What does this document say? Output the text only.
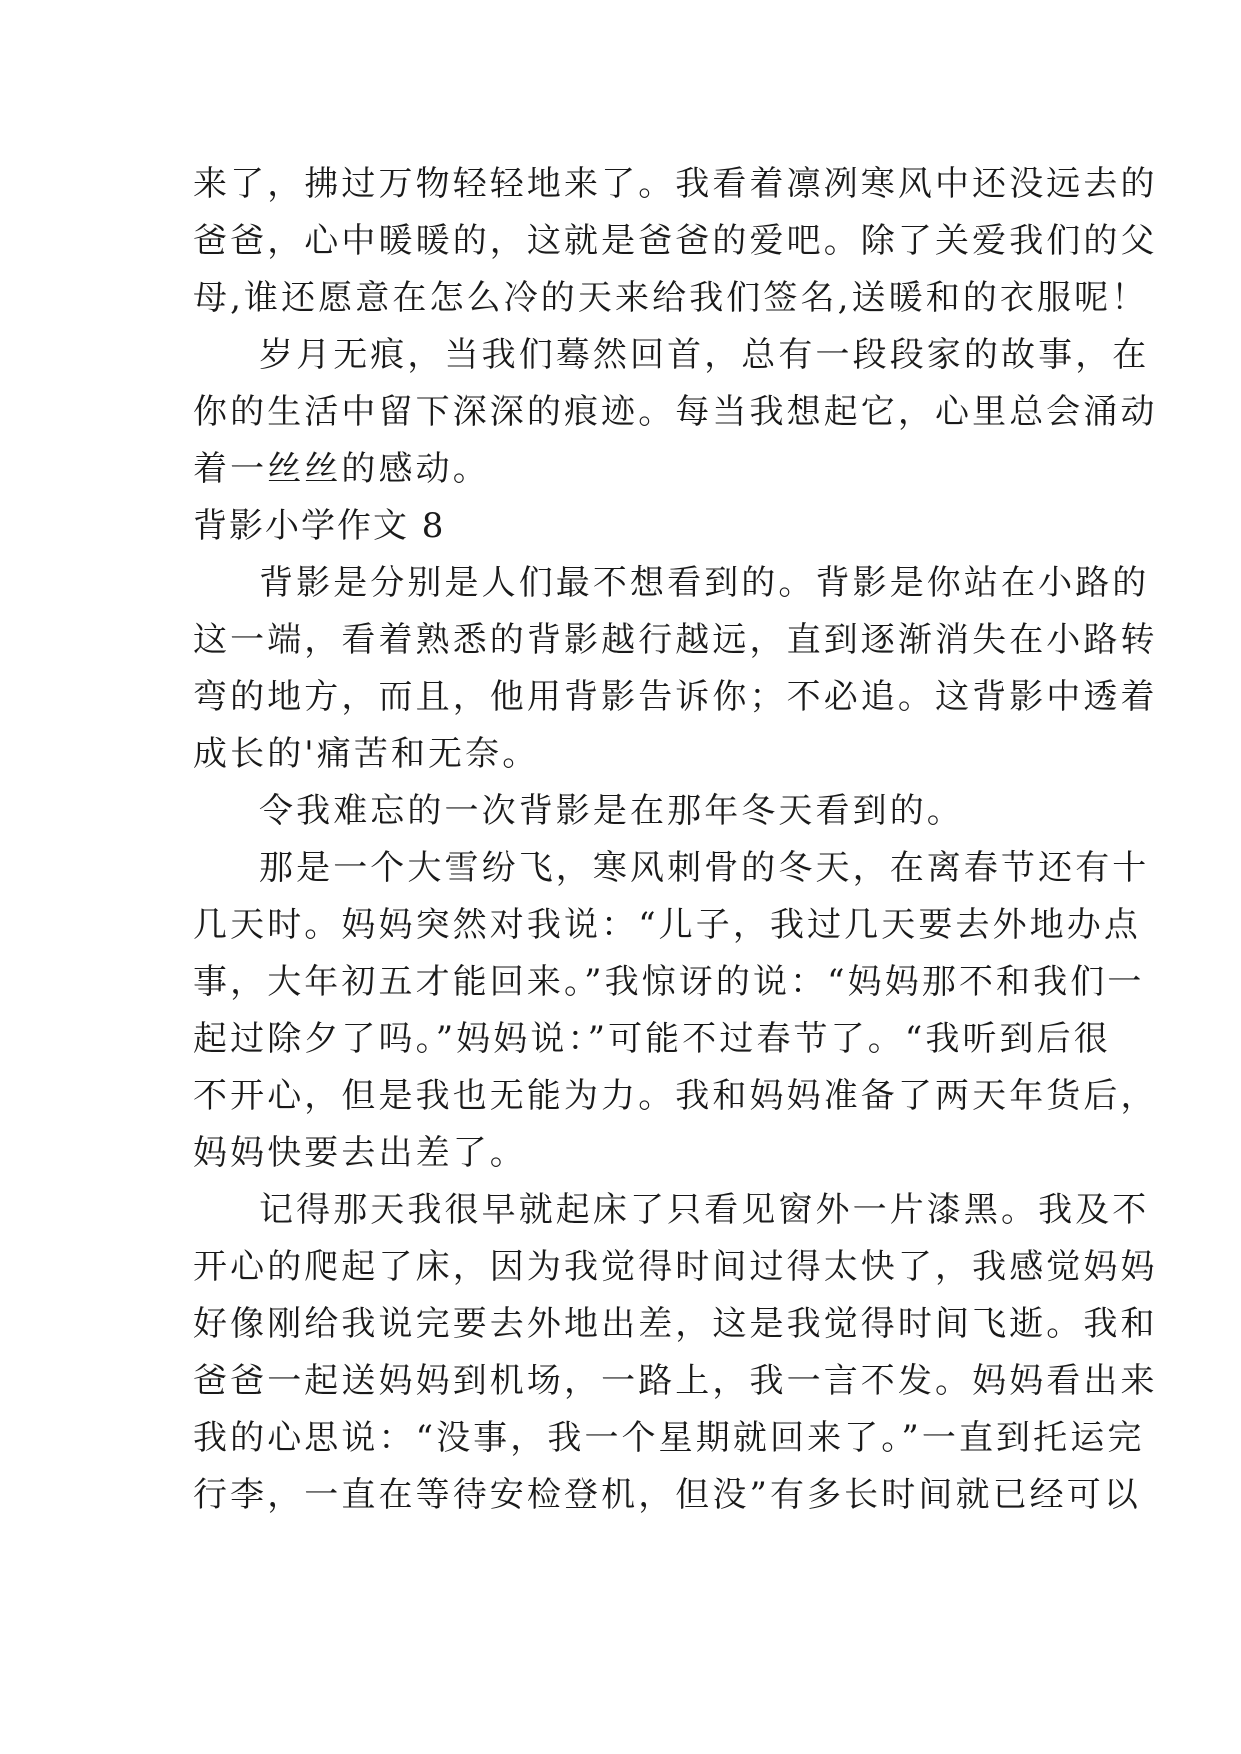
来了，拂过万物轻轻地来了。我看着凛冽寒风中还没远去的
爸爸，心中暖暖的，这就是爸爸的爱吧。除了关爱我们的父
母,谁还愿意在怎么冷的天来给我们签名,送暖和的衣服呢！
岁月无痕，当我们蓦然回首，总有一段段家的故事，在
你的生活中留下深深的痕迹。每当我想起它，心里总会涌动
着一丝丝的感动。
背影小学作文 8
背影是分别是人们最不想看到的。背影是你站在小路的
这一端，看着熟悉的背影越行越远，直到逐渐消失在小路转
弯的地方，而且，他用背影告诉你；不必追。这背影中透着
成长的'痛苦和无奈。
令我难忘的一次背影是在那年冬天看到的。
那是一个大雪纷飞，寒风刺骨的冬天，在离春节还有十
几天时。妈妈突然对我说：“儿子，我过几天要去外地办点
事，大年初五才能回来。”我惊讶的说：“妈妈那不和我们一
起过除夕了吗。”妈妈说：”可能不过春节了。“我听到后很
不开心，但是我也无能为力。我和妈妈准备了两天年货后，
妈妈快要去出差了。
记得那天我很早就起床了只看见窗外一片漆黑。我及不
开心的爬起了床，因为我觉得时间过得太快了，我感觉妈妈
好像刚给我说完要去外地出差，这是我觉得时间飞逝。我和
爸爸一起送妈妈到机场，一路上，我一言不发。妈妈看出来
我的心思说：“没事，我一个星期就回来了。”一直到托运完
行李，一直在等待安检登机，但没”有多长时间就已经可以
